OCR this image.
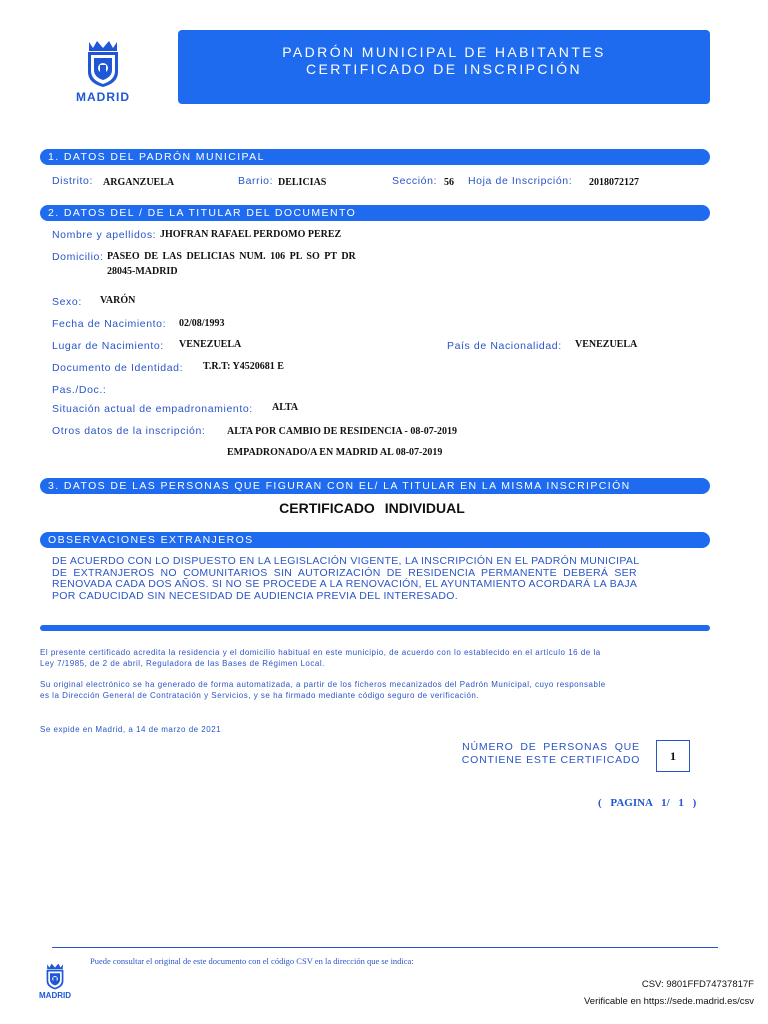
MADRID
PADRÓN MUNICIPAL DE HABITANTES
CERTIFICADO DE INSCRIPCIÓN
1. DATOS DEL PADRÓN MUNICIPAL
Distrito: ARGANZUELA	Barrio: DELICIAS	Sección: 56 Hoja de Inscripción: 2018072127
2. DATOS DEL / DE LA TITULAR DEL DOCUMENTO
Nombre y apellidos: JHOFRAN RAFAEL PERDOMO PEREZ
Domicilio: PASEO DE LAS DELICIAS NUM. 106 PL SO PT DR
28045-MADRID
Sexo: VARÓN
Fecha de Nacimiento: 02/08/1993
Lugar de Nacimiento: VENEZUELA	País de Nacionalidad: VENEZUELA
Documento de Identidad: T.R.T: Y4520681 E
Pas./Doc.:
Situación actual de empadronamiento: ALTA
Otros datos de la inscripción: ALTA POR CAMBIO DE RESIDENCIA - 08-07-2019
EMPADRONADO/A EN MADRID AL 08-07-2019
3. DATOS DE LAS PERSONAS QUE FIGURAN CON EL/ LA TITULAR EN LA MISMA INSCRIPCIÓN
CERTIFICADO INDIVIDUAL
OBSERVACIONES EXTRANJEROS
DE ACUERDO CON LO DISPUESTO EN LA LEGISLACIÓN VIGENTE, LA INSCRIPCIÓN EN EL PADRÓN MUNICIPAL
DE EXTRANJEROS NO COMUNITARIOS SIN AUTORIZACIÓN DE RESIDENCIA PERMANENTE DEBERÁ SER
RENOVADA CADA DOS AÑOS. SI NO SE PROCEDE A LA RENOVACIÓN, EL AYUNTAMIENTO ACORDARÁ LA BAJA
POR CADUCIDAD SIN NECESIDAD DE AUDIENCIA PREVIA DEL INTERESADO.
El presente certificado acredita la residencia y el domicilio habitual en este municipio, de acuerdo con lo establecido en el artículo 16 de la
Ley 7/1985, de 2 de abril, Reguladora de las Bases de Régimen Local.
Su original electrónico se ha generado de forma automatizada, a partir de los ficheros mecanizados del Padrón Municipal, cuyo responsable
es la Dirección General de Contratación y Servicios, y se ha firmado mediante código seguro de verificación.
Se expide en Madrid, a 14 de marzo de 2021
NÚMERO DE PERSONAS QUE
CONTIENE ESTE CERTIFICADO	1
( PAGINA 1/ 1 )
Puede consultar el original de este documento con el código CSV en la dirección que se indica:
MADRID
CSV: 9801FFD74737817F
Verificable en https://sede.madrid.es/csv
